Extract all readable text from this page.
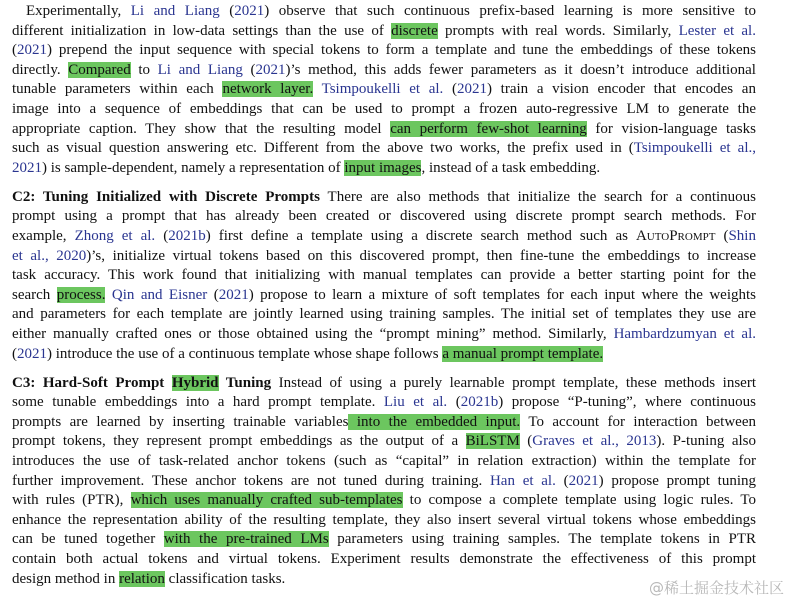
Experimentally, Li and Liang (2021) observe that such continuous prefix-based learning is more sensitive to
different initialization in low-data settings than the use of discrete prompts with real words. Similarly, Lester et al.
(2021) prepend the input sequence with special tokens to form a template and tune the embeddings of these tokens
directly. Compared to Li and Liang (2021)’s method, this adds fewer parameters as it doesn’t introduce additional
tunable parameters within each network layer. Tsimpoukelli et al. (2021) train a vision encoder that encodes an
image into a sequence of embeddings that can be used to prompt a frozen auto-regressive LM to generate the
appropriate caption. They show that the resulting model can perform few-shot learning for vision-language tasks
such as visual question answering etc. Different from the above two works, the prefix used in (Tsimpoukelli et al.,
2021) is sample-dependent, namely a representation of input images, instead of a task embedding.
C2: Tuning Initialized with Discrete Prompts There are also methods that initialize the search for a continuous
prompt using a prompt that has already been created or discovered using discrete prompt search methods. For
example, Zhong et al. (2021b) first define a template using a discrete search method such as AutoPrompt (Shin
et al., 2020)’s, initialize virtual tokens based on this discovered prompt, then fine-tune the embeddings to increase
task accuracy. This work found that initializing with manual templates can provide a better starting point for the
search process. Qin and Eisner (2021) propose to learn a mixture of soft templates for each input where the weights
and parameters for each template are jointly learned using training samples. The initial set of templates they use are
either manually crafted ones or those obtained using the “prompt mining” method. Similarly, Hambardzumyan et al.
(2021) introduce the use of a continuous template whose shape follows a manual prompt template.
C3: Hard-Soft Prompt Hybrid Tuning Instead of using a purely learnable prompt template, these methods insert
some tunable embeddings into a hard prompt template. Liu et al. (2021b) propose “P-tuning”, where continuous
prompts are learned by inserting trainable variables into the embedded input. To account for interaction between
prompt tokens, they represent prompt embeddings as the output of a BiLSTM (Graves et al., 2013). P-tuning also
introduces the use of task-related anchor tokens (such as “capital” in relation extraction) within the template for
further improvement. These anchor tokens are not tuned during training. Han et al. (2021) propose prompt tuning
with rules (PTR), which uses manually crafted sub-templates to compose a complete template using logic rules. To
enhance the representation ability of the resulting template, they also insert several virtual tokens whose embeddings
can be tuned together with the pre-trained LMs parameters using training samples. The template tokens in PTR
contain both actual tokens and virtual tokens. Experiment results demonstrate the effectiveness of this prompt
design method in relation classification tasks.
@稀土掘金技术社区
